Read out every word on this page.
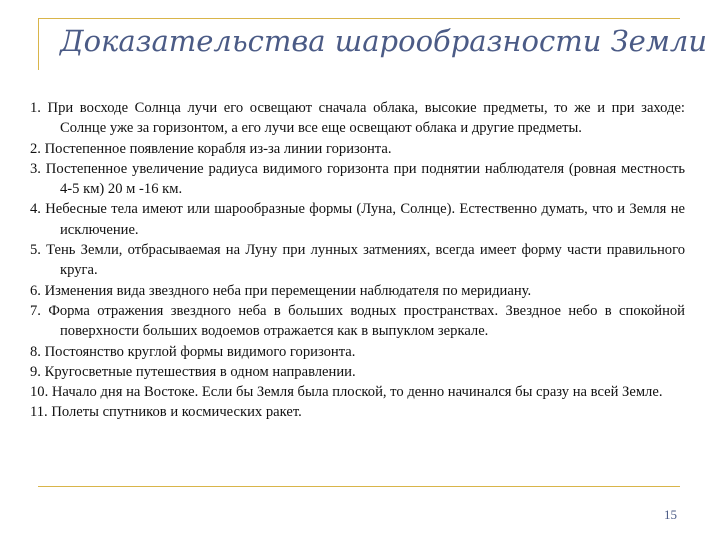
Доказательства шарообразности Земли
1. При восходе Солнца лучи его освещают сначала облака, высокие предметы, то же и при заходе: Солнце уже за горизонтом, а его лучи все еще освещают облака и другие предметы.
2. Постепенное появление корабля из-за линии горизонта.
3. Постепенное увеличение радиуса видимого горизонта при поднятии наблюдателя (ровная местность 4-5 км) 20 м -16 км.
4. Небесные тела имеют или шарообразные формы (Луна, Солнце). Естественно думать, что и Земля не исключение.
5. Тень Земли, отбрасываемая на Луну при лунных затмениях, всегда имеет форму части правильного круга.
6. Изменения вида звездного неба при перемещении наблюдателя по меридиану.
7. Форма отражения звездного неба в больших водных пространствах. Звездное небо в спокойной поверхности больших водоемов отражается как в выпуклом зеркале.
8. Постоянство круглой формы видимого горизонта.
9. Кругосветные путешествия в одном направлении.
10. Начало дня на Востоке. Если бы Земля была плоской, то денно начинался бы сразу на всей Земле.
11. Полеты спутников и космических ракет.
15
